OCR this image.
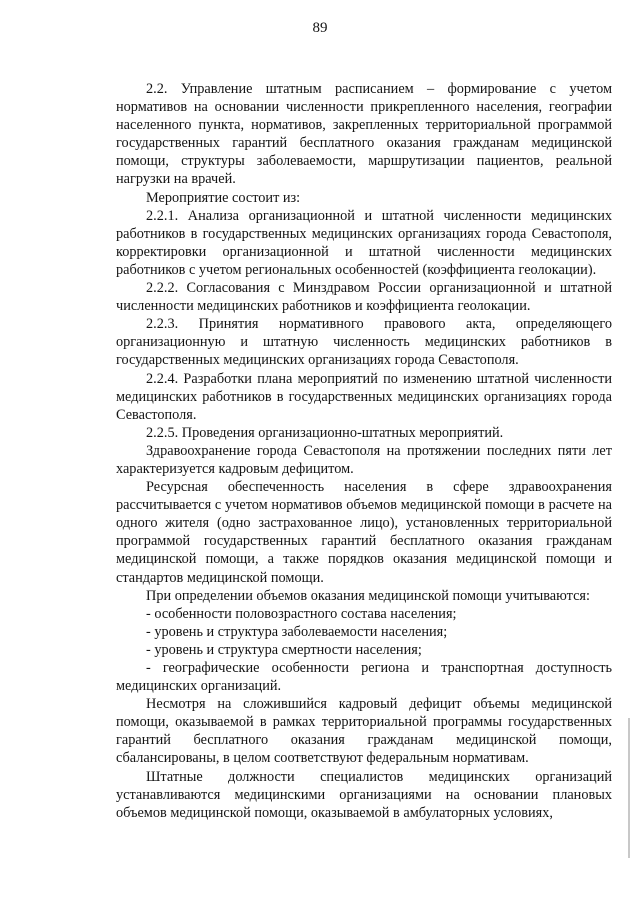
89

2.2. Управление штатным расписанием – формирование с учетом нормативов на основании численности прикрепленного населения, географии населенного пункта, нормативов, закрепленных территориальной программой государственных гарантий бесплатного оказания гражданам медицинской помощи, структуры заболеваемости, маршрутизации пациентов, реальной нагрузки на врачей.

Мероприятие состоит из:

2.2.1. Анализа организационной и штатной численности медицинских работников в государственных медицинских организациях города Севастополя, корректировки организационной и штатной численности медицинских работников с учетом региональных особенностей (коэффициента геолокации).

2.2.2. Согласования с Минздравом России организационной и штатной численности медицинских работников и коэффициента геолокации.

2.2.3. Принятия нормативного правового акта, определяющего организационную и штатную численность медицинских работников в государственных медицинских организациях города Севастополя.

2.2.4. Разработки плана мероприятий по изменению штатной численности медицинских работников в государственных медицинских организациях города Севастополя.

2.2.5. Проведения организационно-штатных мероприятий.

Здравоохранение города Севастополя на протяжении последних пяти лет характеризуется кадровым дефицитом.

Ресурсная обеспеченность населения в сфере здравоохранения рассчитывается с учетом нормативов объемов медицинской помощи в расчете на одного жителя (одно застрахованное лицо), установленных территориальной программой государственных гарантий бесплатного оказания гражданам медицинской помощи, а также порядков оказания медицинской помощи и стандартов медицинской помощи.

При определении объемов оказания медицинской помощи учитываются:

- особенности половозрастного состава населения;

- уровень и структура заболеваемости населения;

- уровень и структура смертности населения;

- географические особенности региона и транспортная доступность медицинских организаций.

Несмотря на сложившийся кадровый дефицит объемы медицинской помощи, оказываемой в рамках территориальной программы государственных гарантий бесплатного оказания гражданам медицинской помощи, сбалансированы, в целом соответствуют федеральным нормативам.

Штатные должности специалистов медицинских организаций устанавливаются медицинскими организациями на основании плановых объемов медицинской помощи, оказываемой в амбулаторных условиях,
